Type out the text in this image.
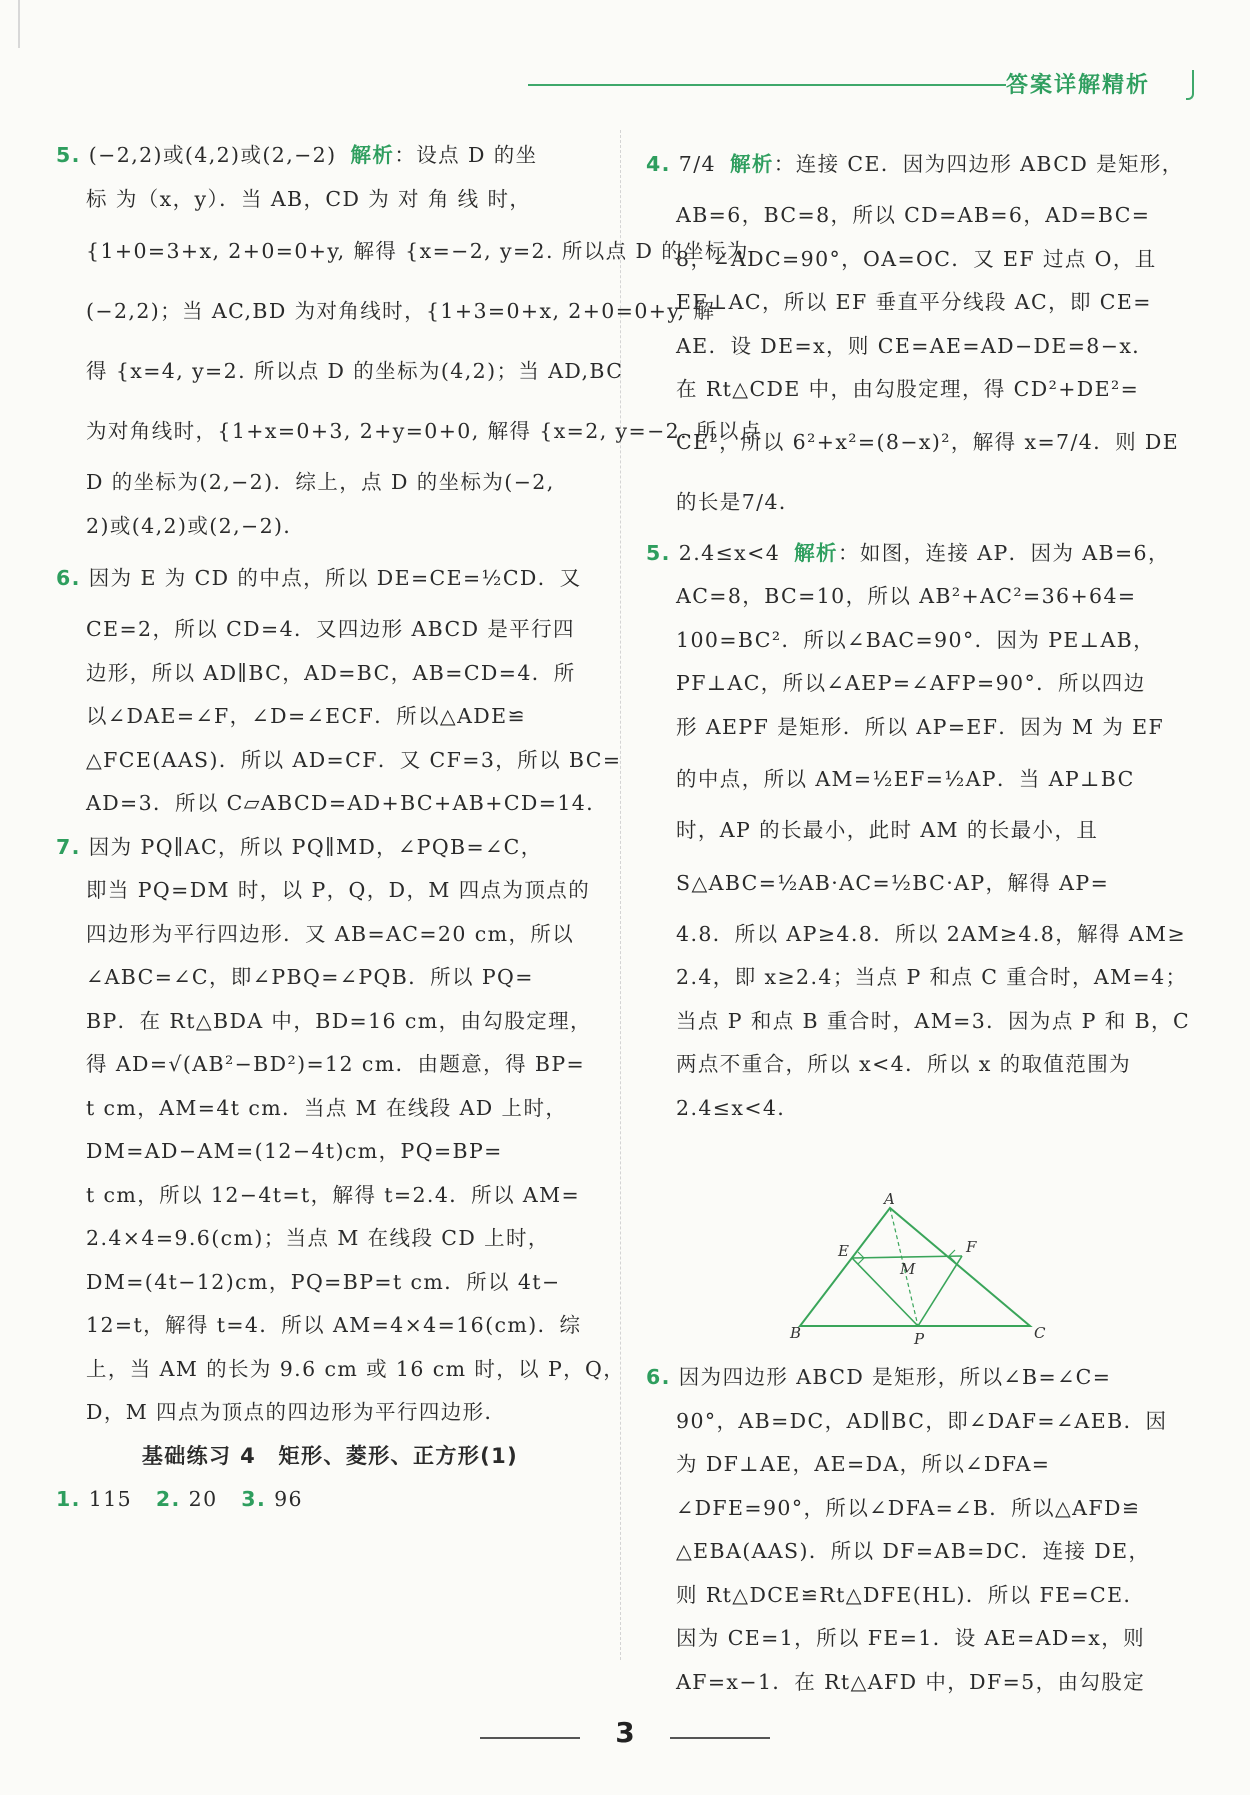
答案详解精析
5. (−2,2)或(4,2)或(2,−2) 解析：设点 D 的坐
标 为（x，y）．当 AB，CD 为 对 角 线 时，
{1+0=3+x, 2+0=0+y, 解得 {x=−2, y=2. 所以点 D 的坐标为
(−2,2)；当 AC,BD 为对角线时，{1+3=0+x, 2+0=0+y, 解
得 {x=4, y=2. 所以点 D 的坐标为(4,2)；当 AD,BC
为对角线时，{1+x=0+3, 2+y=0+0, 解得 {x=2, y=−2. 所以点
D 的坐标为(2,−2)．综上，点 D 的坐标为(−2,
2)或(4,2)或(2,−2)．
6. 因为 E 为 CD 的中点，所以 DE=CE=½CD．又
CE=2，所以 CD=4．又四边形 ABCD 是平行四
边形，所以 AD∥BC，AD=BC，AB=CD=4．所
以∠DAE=∠F，∠D=∠ECF．所以△ADE≌
△FCE(AAS)．所以 AD=CF．又 CF=3，所以 BC=
AD=3．所以 C▱ABCD=AD+BC+AB+CD=14．
7. 因为 PQ∥AC，所以 PQ∥MD，∠PQB=∠C，
即当 PQ=DM 时，以 P，Q，D，M 四点为顶点的
四边形为平行四边形．又 AB=AC=20 cm，所以
∠ABC=∠C，即∠PBQ=∠PQB．所以 PQ=
BP．在 Rt△BDA 中，BD=16 cm，由勾股定理，
得 AD=√(AB²−BD²)=12 cm．由题意，得 BP=
t cm，AM=4t cm．当点 M 在线段 AD 上时，
DM=AD−AM=(12−4t)cm，PQ=BP=
t cm，所以 12−4t=t，解得 t=2.4．所以 AM=
2.4×4=9.6(cm)；当点 M 在线段 CD 上时，
DM=(4t−12)cm，PQ=BP=t cm．所以 4t−
12=t，解得 t=4．所以 AM=4×4=16(cm)．综
上，当 AM 的长为 9.6 cm 或 16 cm 时，以 P，Q，
D，M 四点为顶点的四边形为平行四边形．
基础练习 4　矩形、菱形、正方形(1)
1. 115 2. 20 3. 96
4. 7/4 解析：连接 CE．因为四边形 ABCD 是矩形，
AB=6，BC=8，所以 CD=AB=6，AD=BC=
8，∠ADC=90°，OA=OC．又 EF 过点 O，且
EF⊥AC，所以 EF 垂直平分线段 AC，即 CE=
AE．设 DE=x，则 CE=AE=AD−DE=8−x．
在 Rt△CDE 中，由勾股定理，得 CD²+DE²=
CE²，所以 6²+x²=(8−x)²，解得 x=7/4．则 DE
的长是7/4．
5. 2.4≤x<4 解析：如图，连接 AP．因为 AB=6，
AC=8，BC=10，所以 AB²+AC²=36+64=
100=BC²．所以∠BAC=90°．因为 PE⊥AB，
PF⊥AC，所以∠AEP=∠AFP=90°．所以四边
形 AEPF 是矩形．所以 AP=EF．因为 M 为 EF
的中点，所以 AM=½EF=½AP．当 AP⊥BC
时，AP 的长最小，此时 AM 的长最小，且
S△ABC=½AB·AC=½BC·AP，解得 AP=
4.8．所以 AP≥4.8．所以 2AM≥4.8，解得 AM≥
2.4，即 x≥2.4；当点 P 和点 C 重合时，AM=4；
当点 P 和点 B 重合时，AM=3．因为点 P 和 B，C
两点不重合，所以 x<4．所以 x 的取值范围为
2.4≤x<4．
A
E	F
M
B	P	C
6. 因为四边形 ABCD 是矩形，所以∠B=∠C=
90°，AB=DC，AD∥BC，即∠DAF=∠AEB．因
为 DF⊥AE，AE=DA，所以∠DFA=
∠DFE=90°，所以∠DFA=∠B．所以△AFD≌
△EBA(AAS)．所以 DF=AB=DC．连接 DE，
则 Rt△DCE≌Rt△DFE(HL)．所以 FE=CE．
因为 CE=1，所以 FE=1．设 AE=AD=x，则
AF=x−1．在 Rt△AFD 中，DF=5，由勾股定
3
